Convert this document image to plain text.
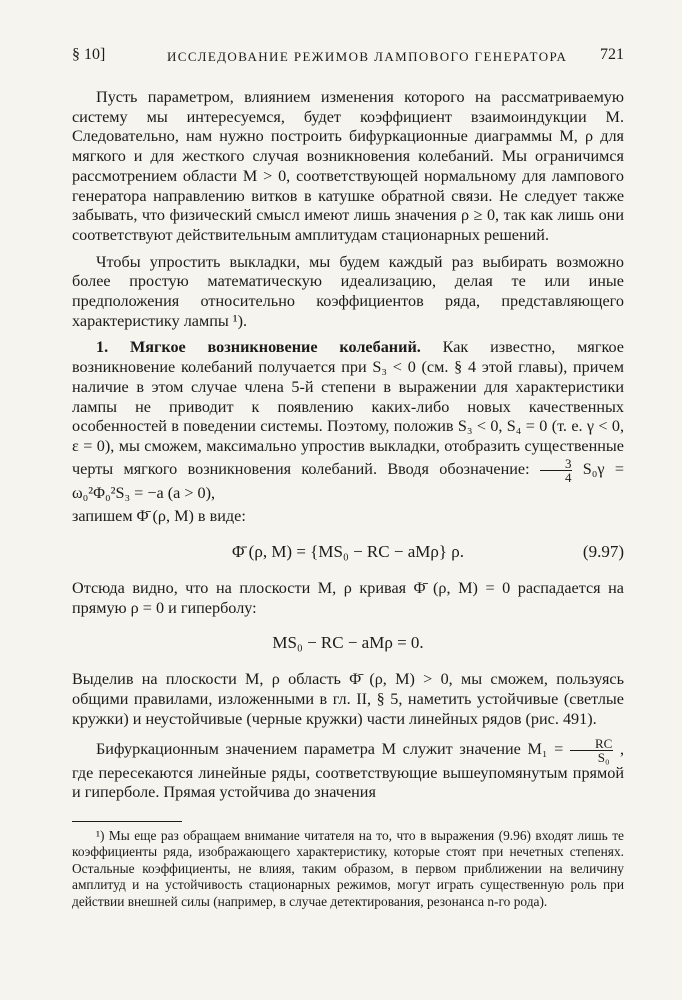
§ 10]	ИССЛЕДОВАНИЕ РЕЖИМОВ ЛАМПОВОГО ГЕНЕРАТОРА 721

Пусть параметром, влиянием изменения которого на рассматриваемую систему мы интересуемся, будет коэффициент взаимоиндукции M. Следовательно, нам нужно построить бифуркационные диаграммы M, ρ для мягкого и для жесткого случая возникновения колебаний. Мы ограничимся рассмотрением области M > 0, соответствующей нормальному для лампового генератора направлению витков в катушке обратной связи. Не следует также забывать, что физический смысл имеют лишь значения ρ ≥ 0, так как лишь они соответствуют действительным амплитудам стационарных решений.

Чтобы упростить выкладки, мы будем каждый раз выбирать возможно более простую математическую идеализацию, делая те или иные предположения относительно коэффициентов ряда, представляющего характеристику лампы ¹).

1. Мягкое возникновение колебаний. Как известно, мягкое возникновение колебаний получается при S₃ < 0 (см. § 4 этой главы), причем наличие в этом случае члена 5-й степени в выражении для характеристики лампы не приводит к появлению каких-либо новых качественных особенностей в поведении системы. Поэтому, положив S₃ < 0, S₄ = 0 (т. е. γ < 0, ε = 0), мы сможем, максимально упростив выкладки, отобразить существенные черты мягкого возникновения колебаний. Вводя обозначение: $\frac{3}{4} S_0\gamma = \omega_0^2\Phi_0^2S_3 = -a$ (a > 0),

запишем Φ̄ (ρ, M) в виде:

Φ̄ (ρ, M) = {MS₀ − RC − aMρ} ρ.	(9.97)

Отсюда видно, что на плоскости M, ρ кривая Φ̄ (ρ, M) = 0 распадается на прямую ρ = 0 и гиперболу:

MS₀ − RC − aMρ = 0.

Выделив на плоскости M, ρ область Φ̄ (ρ, M) > 0, мы сможем, пользуясь общими правилами, изложенными в гл. II, § 5, наметить устойчивые (светлые кружки) и неустойчивые (черные кружки) части линейных рядов (рис. 491).

Бифуркационным значением параметра M служит значение $M_1 = \frac{RC}{\text{S₀}}$ , где пересекаются линейные ряды, соответствующие вышеупомянутым прямой и гиперболе. Прямая устойчива до значения

¹) Мы еще раз обращаем внимание читателя на то, что в выражения (9.96) входят лишь те коэффициенты ряда, изображающего характеристику, которые стоят при нечетных степенях. Остальные коэффициенты, не влияя, таким образом, в первом приближении на величину амплитуд и на устойчивость стационарных режимов, могут играть существенную роль при действии внешней силы (например, в случае детектирования, резонанса n-го рода).
